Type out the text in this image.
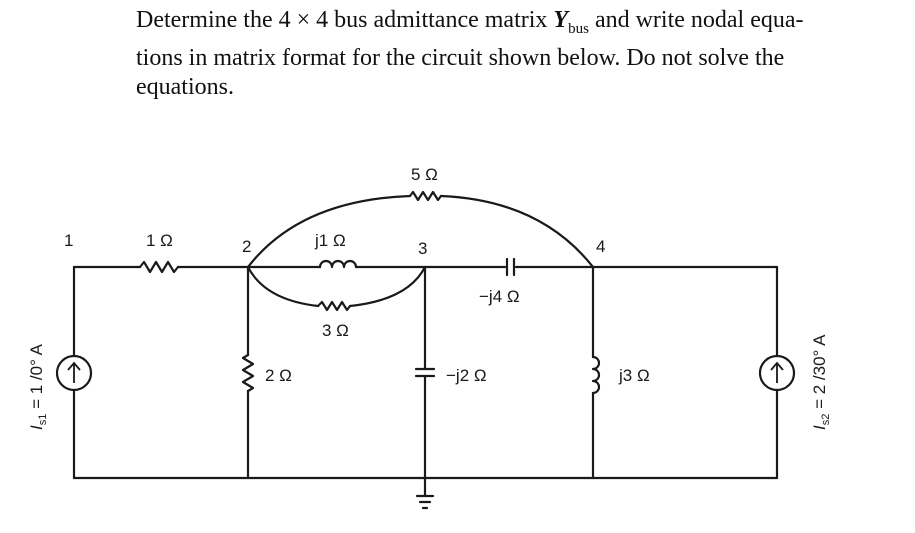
Determine the 4 × 4 bus admittance matrix $Y_{bus}$ and write nodal equa-
tions in matrix format for the circuit shown below. Do not solve the
equations.
1	2	3	4
1 Ω	j1 Ω
3 Ω
5 Ω
−j4 Ω
2 Ω	−j2 Ω	j3 Ω
$I_{s1} = 1$ /0° A
$I_{s2} = 2$ /30° A
